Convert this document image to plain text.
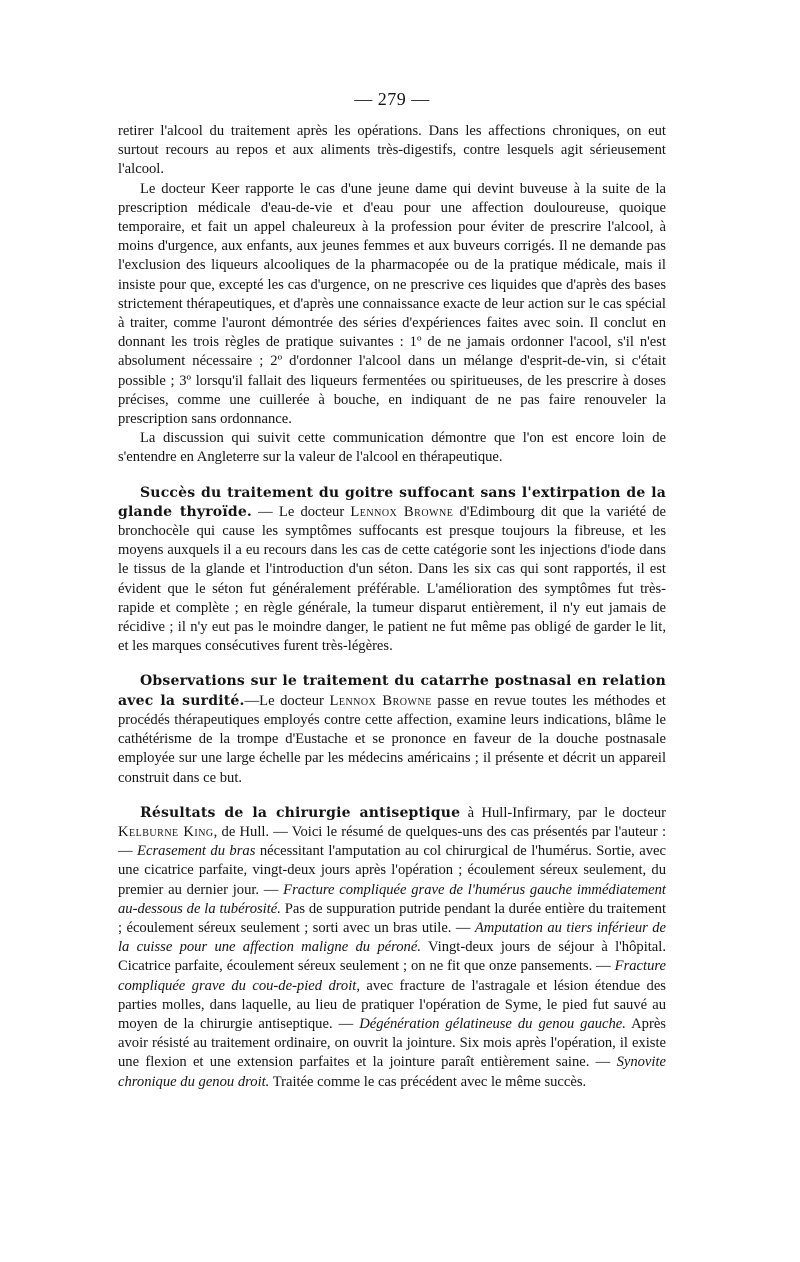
— 279 —

retirer l'alcool du traitement après les opérations. Dans les affections chroniques, on eut surtout recours au repos et aux aliments très-digestifs, contre lesquels agit sérieusement l'alcool.

Le docteur Keer rapporte le cas d'une jeune dame qui devint buveuse à la suite de la prescription médicale d'eau-de-vie et d'eau pour une affection douloureuse, quoique temporaire, et fait un appel chaleureux à la profession pour éviter de prescrire l'alcool, à moins d'urgence, aux enfants, aux jeunes femmes et aux buveurs corrigés. Il ne demande pas l'exclusion des liqueurs alcooliques de la pharmacopée ou de la pratique médicale, mais il insiste pour que, excepté les cas d'urgence, on ne prescrive ces liquides que d'après des bases strictement thérapeutiques, et d'après une connaissance exacte de leur action sur le cas spécial à traiter, comme l'auront démontrée des séries d'expériences faites avec soin. Il conclut en donnant les trois règles de pratique suivantes : 1º de ne jamais ordonner l'acool, s'il n'est absolument nécessaire ; 2º d'ordonner l'alcool dans un mélange d'esprit-de-vin, si c'était possible ; 3º lorsqu'il fallait des liqueurs fermentées ou spiritueuses, de les prescrire à doses précises, comme une cuillerée à bouche, en indiquant de ne pas faire renouveler la prescription sans ordonnance.

La discussion qui suivit cette communication démontre que l'on est encore loin de s'entendre en Angleterre sur la valeur de l'alcool en thérapeutique.

Succès du traitement du goitre suffocant sans l'extirpation de la glande thyroïde. — Le docteur Lennox Browne d'Edimbourg dit que la variété de bronchocèle qui cause les symptômes suffocants est presque toujours la fibreuse, et les moyens auxquels il a eu recours dans les cas de cette catégorie sont les injections d'iode dans le tissus de la glande et l'introduction d'un séton. Dans les six cas qui sont rapportés, il est évident que le séton fut généralement préférable. L'amélioration des symptômes fut très-rapide et complète ; en règle générale, la tumeur disparut entièrement, il n'y eut jamais de récidive ; il n'y eut pas le moindre danger, le patient ne fut même pas obligé de garder le lit, et les marques consécutives furent très-légères.

Observations sur le traitement du catarrhe postnasal en relation avec la surdité.—Le docteur Lennox Browne passe en revue toutes les méthodes et procédés thérapeutiques employés contre cette affection, examine leurs indications, blâme le cathétérisme de la trompe d'Eustache et se prononce en faveur de la douche postnasale employée sur une large échelle par les médecins américains ; il présente et décrit un appareil construit dans ce but.

Résultats de la chirurgie antiseptique à Hull-Infirmary, par le docteur Kelburne King, de Hull. — Voici le résumé de quelques-uns des cas présentés par l'auteur : — Ecrasement du bras nécessitant l'amputation au col chirurgical de l'humérus. Sortie, avec une cicatrice parfaite, vingt-deux jours après l'opération ; écoulement séreux seulement, du premier au dernier jour. — Fracture compliquée grave de l'humérus gauche immédiatement au-dessous de la tubérosité. Pas de suppuration putride pendant la durée entière du traitement ; écoulement séreux seulement ; sorti avec un bras utile. — Amputation au tiers inférieur de la cuisse pour une affection maligne du péroné. Vingt-deux jours de séjour à l'hôpital. Cicatrice parfaite, écoulement séreux seulement ; on ne fit que onze pansements. — Fracture compliquée grave du cou-de-pied droit, avec fracture de l'astragale et lésion étendue des parties molles, dans laquelle, au lieu de pratiquer l'opération de Syme, le pied fut sauvé au moyen de la chirurgie antiseptique. — Dégénération gélatineuse du genou gauche. Après avoir résisté au traitement ordinaire, on ouvrit la jointure. Six mois après l'opération, il existe une flexion et une extension parfaites et la jointure paraît entièrement saine. — Synovite chronique du genou droit. Traitée comme le cas précédent avec le même succès.
